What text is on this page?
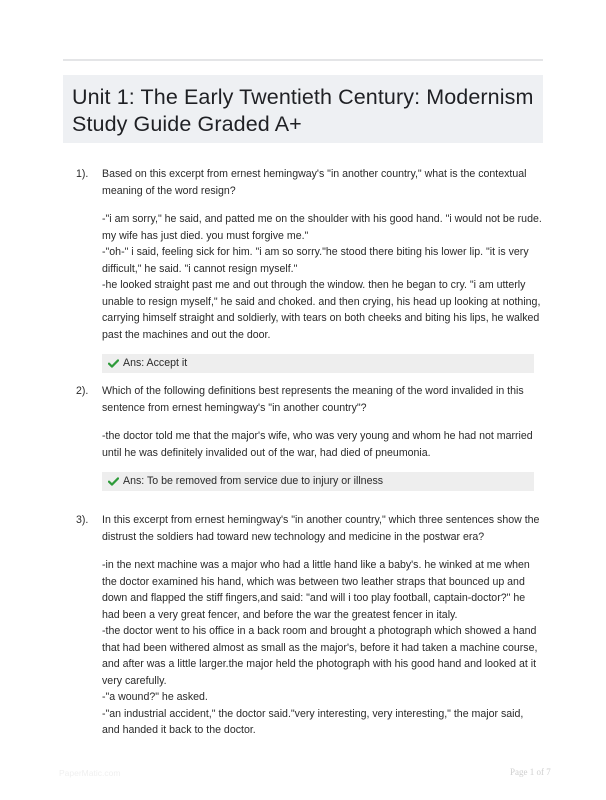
Unit 1: The Early Twentieth Century: Modernism Study Guide Graded A+
1). Based on this excerpt from ernest hemingway's "in another country," what is the contextual meaning of the word resign?

-"i am sorry," he said, and patted me on the shoulder with his good hand. "i would not be rude. my wife has just died. you must forgive me."

-"oh-" i said, feeling sick for him. "i am so sorry."he stood there biting his lower lip. "it is very difficult," he said. "i cannot resign myself."

-he looked straight past me and out through the window. then he began to cry. "i am utterly unable to resign myself," he said and choked. and then crying, his head up looking at nothing, carrying himself straight and soldierly, with tears on both cheeks and biting his lips, he walked past the machines and out the door.

Ans: Accept it
2). Which of the following definitions best represents the meaning of the word invalided in this sentence from ernest hemingway's "in another country"?

-the doctor told me that the major's wife, who was very young and whom he had not married until he was definitely invalided out of the war, had died of pneumonia.

Ans: To be removed from service due to injury or illness
3). In this excerpt from ernest hemingway's "in another country," which three sentences show the distrust the soldiers had toward new technology and medicine in the postwar era?

-in the next machine was a major who had a little hand like a baby's. he winked at me when the doctor examined his hand, which was between two leather straps that bounced up and down and flapped the stiff fingers,and said: "and will i too play football, captain-doctor?" he had been a very great fencer, and before the war the greatest fencer in italy.

-the doctor went to his office in a back room and brought a photograph which showed a hand that had been withered almost as small as the major's, before it had taken a machine course, and after was a little larger.the major held the photograph with his good hand and looked at it very carefully.

-"a wound?" he asked.

-"an industrial accident," the doctor said."very interesting, very interesting," the major said, and handed it back to the doctor.

PaperMatic.com	Page 1 of 7
